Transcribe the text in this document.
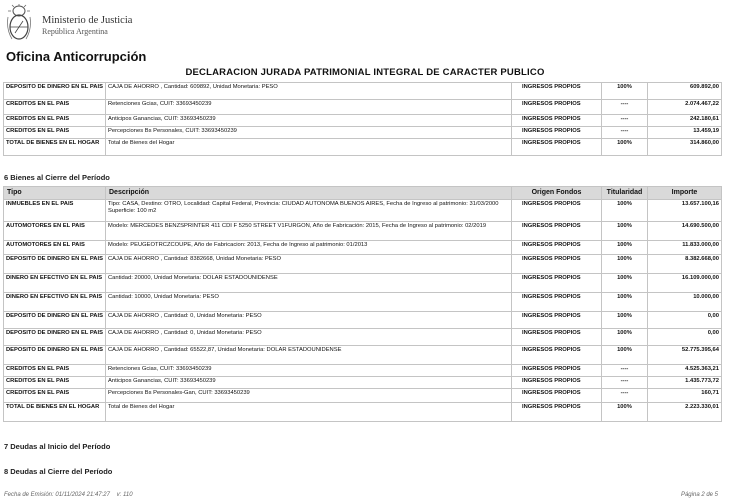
Ministerio de Justicia
República Argentina
Oficina Anticorrupción
DECLARACION JURADA PATRIMONIAL INTEGRAL DE CARACTER PUBLICO
DEPOSITO DE DINERO EN EL PAIS	CAJA DE AHORRO , Cantidad: 609892, Unidad Monetaria: PESO	INGRESOS PROPIOS	100%	609.892,00
CREDITOS EN EL PAIS	Retenciones Gcias, CUIT: 33693450239	INGRESOS PROPIOS	----	2.074.467,22
CREDITOS EN EL PAIS	Anticipos Ganancias, CUIT: 33693450239	INGRESOS PROPIOS	----	242.180,61
CREDITOS EN EL PAIS	Percepciones Bs Personales, CUIT: 33693450239	INGRESOS PROPIOS	----	13.459,19
TOTAL DE BIENES EN EL HOGAR	Total de Bienes del Hogar	INGRESOS PROPIOS	100%	314.860,00
6 Bienes al Cierre del Período
Tipo	Descripción	Origen Fondos	Titularidad	Importe
INMUEBLES EN EL PAIS	Tipo: CASA, Destino: OTRO, Localidad: Capital Federal, Provincia: CIUDAD AUTONOMA BUENOS AIRES, Fecha de Ingreso al patrimonio: 31/03/2000 Superficie: 100 m2	INGRESOS PROPIOS	100%	13.657.100,16
AUTOMOTORES EN EL PAIS	Modelo: MERCEDES BENZSPRINTER 411 CDI F 5250 STREET V1FURGON, Año de Fabricación: 2015, Fecha de Ingreso al patrimonio: 02/2019	INGRESOS PROPIOS	100%	14.690.500,00
AUTOMOTORES EN EL PAIS	Modelo: PEUGEOTRCZCOUPE, Año de Fabricacion: 2013, Fecha de Ingreso al patrimonio: 01/2013	INGRESOS PROPIOS	100%	11.833.000,00
DEPOSITO DE DINERO EN EL PAIS	CAJA DE AHORRO , Cantidad: 8382668, Unidad Monetaria: PESO	INGRESOS PROPIOS	100%	8.382.668,00
DINERO EN EFECTIVO EN EL PAIS	Cantidad: 20000, Unidad Monetaria: DOLAR ESTADOUNIDENSE	INGRESOS PROPIOS	100%	16.109.000,00
DINERO EN EFECTIVO EN EL PAIS	Cantidad: 10000, Unidad Monetaria: PESO	INGRESOS PROPIOS	100%	10.000,00
DEPOSITO DE DINERO EN EL PAIS	CAJA DE AHORRO , Cantidad: 0, Unidad Monetaria: PESO	INGRESOS PROPIOS	100%	0,00
DEPOSITO DE DINERO EN EL PAIS	CAJA DE AHORRO , Cantidad: 0, Unidad Monetaria: PESO	INGRESOS PROPIOS	100%	0,00
DEPOSITO DE DINERO EN EL PAIS	CAJA DE AHORRO , Cantidad: 65522,87, Unidad Monetaria: DOLAR ESTADOUNIDENSE	INGRESOS PROPIOS	100%	52.775.395,64
CREDITOS EN EL PAIS	Retenciones Gcias, CUIT: 33693450239	INGRESOS PROPIOS	----	4.525.363,21
CREDITOS EN EL PAIS	Anticipos Ganancias, CUIT: 33693450239	INGRESOS PROPIOS	----	1.435.773,72
CREDITOS EN EL PAIS	Percepciones Bs Personales-Gan, CUIT: 33693450239	INGRESOS PROPIOS	----	160,71
TOTAL DE BIENES EN EL HOGAR	Total de Bienes del Hogar	INGRESOS PROPIOS	100%	2.223.330,01
7 Deudas al Inicio del Período
8 Deudas al Cierre del Período
Fecha de Emisión: 01/11/2024 21:47:27 v: 110	Página 2 de 5
